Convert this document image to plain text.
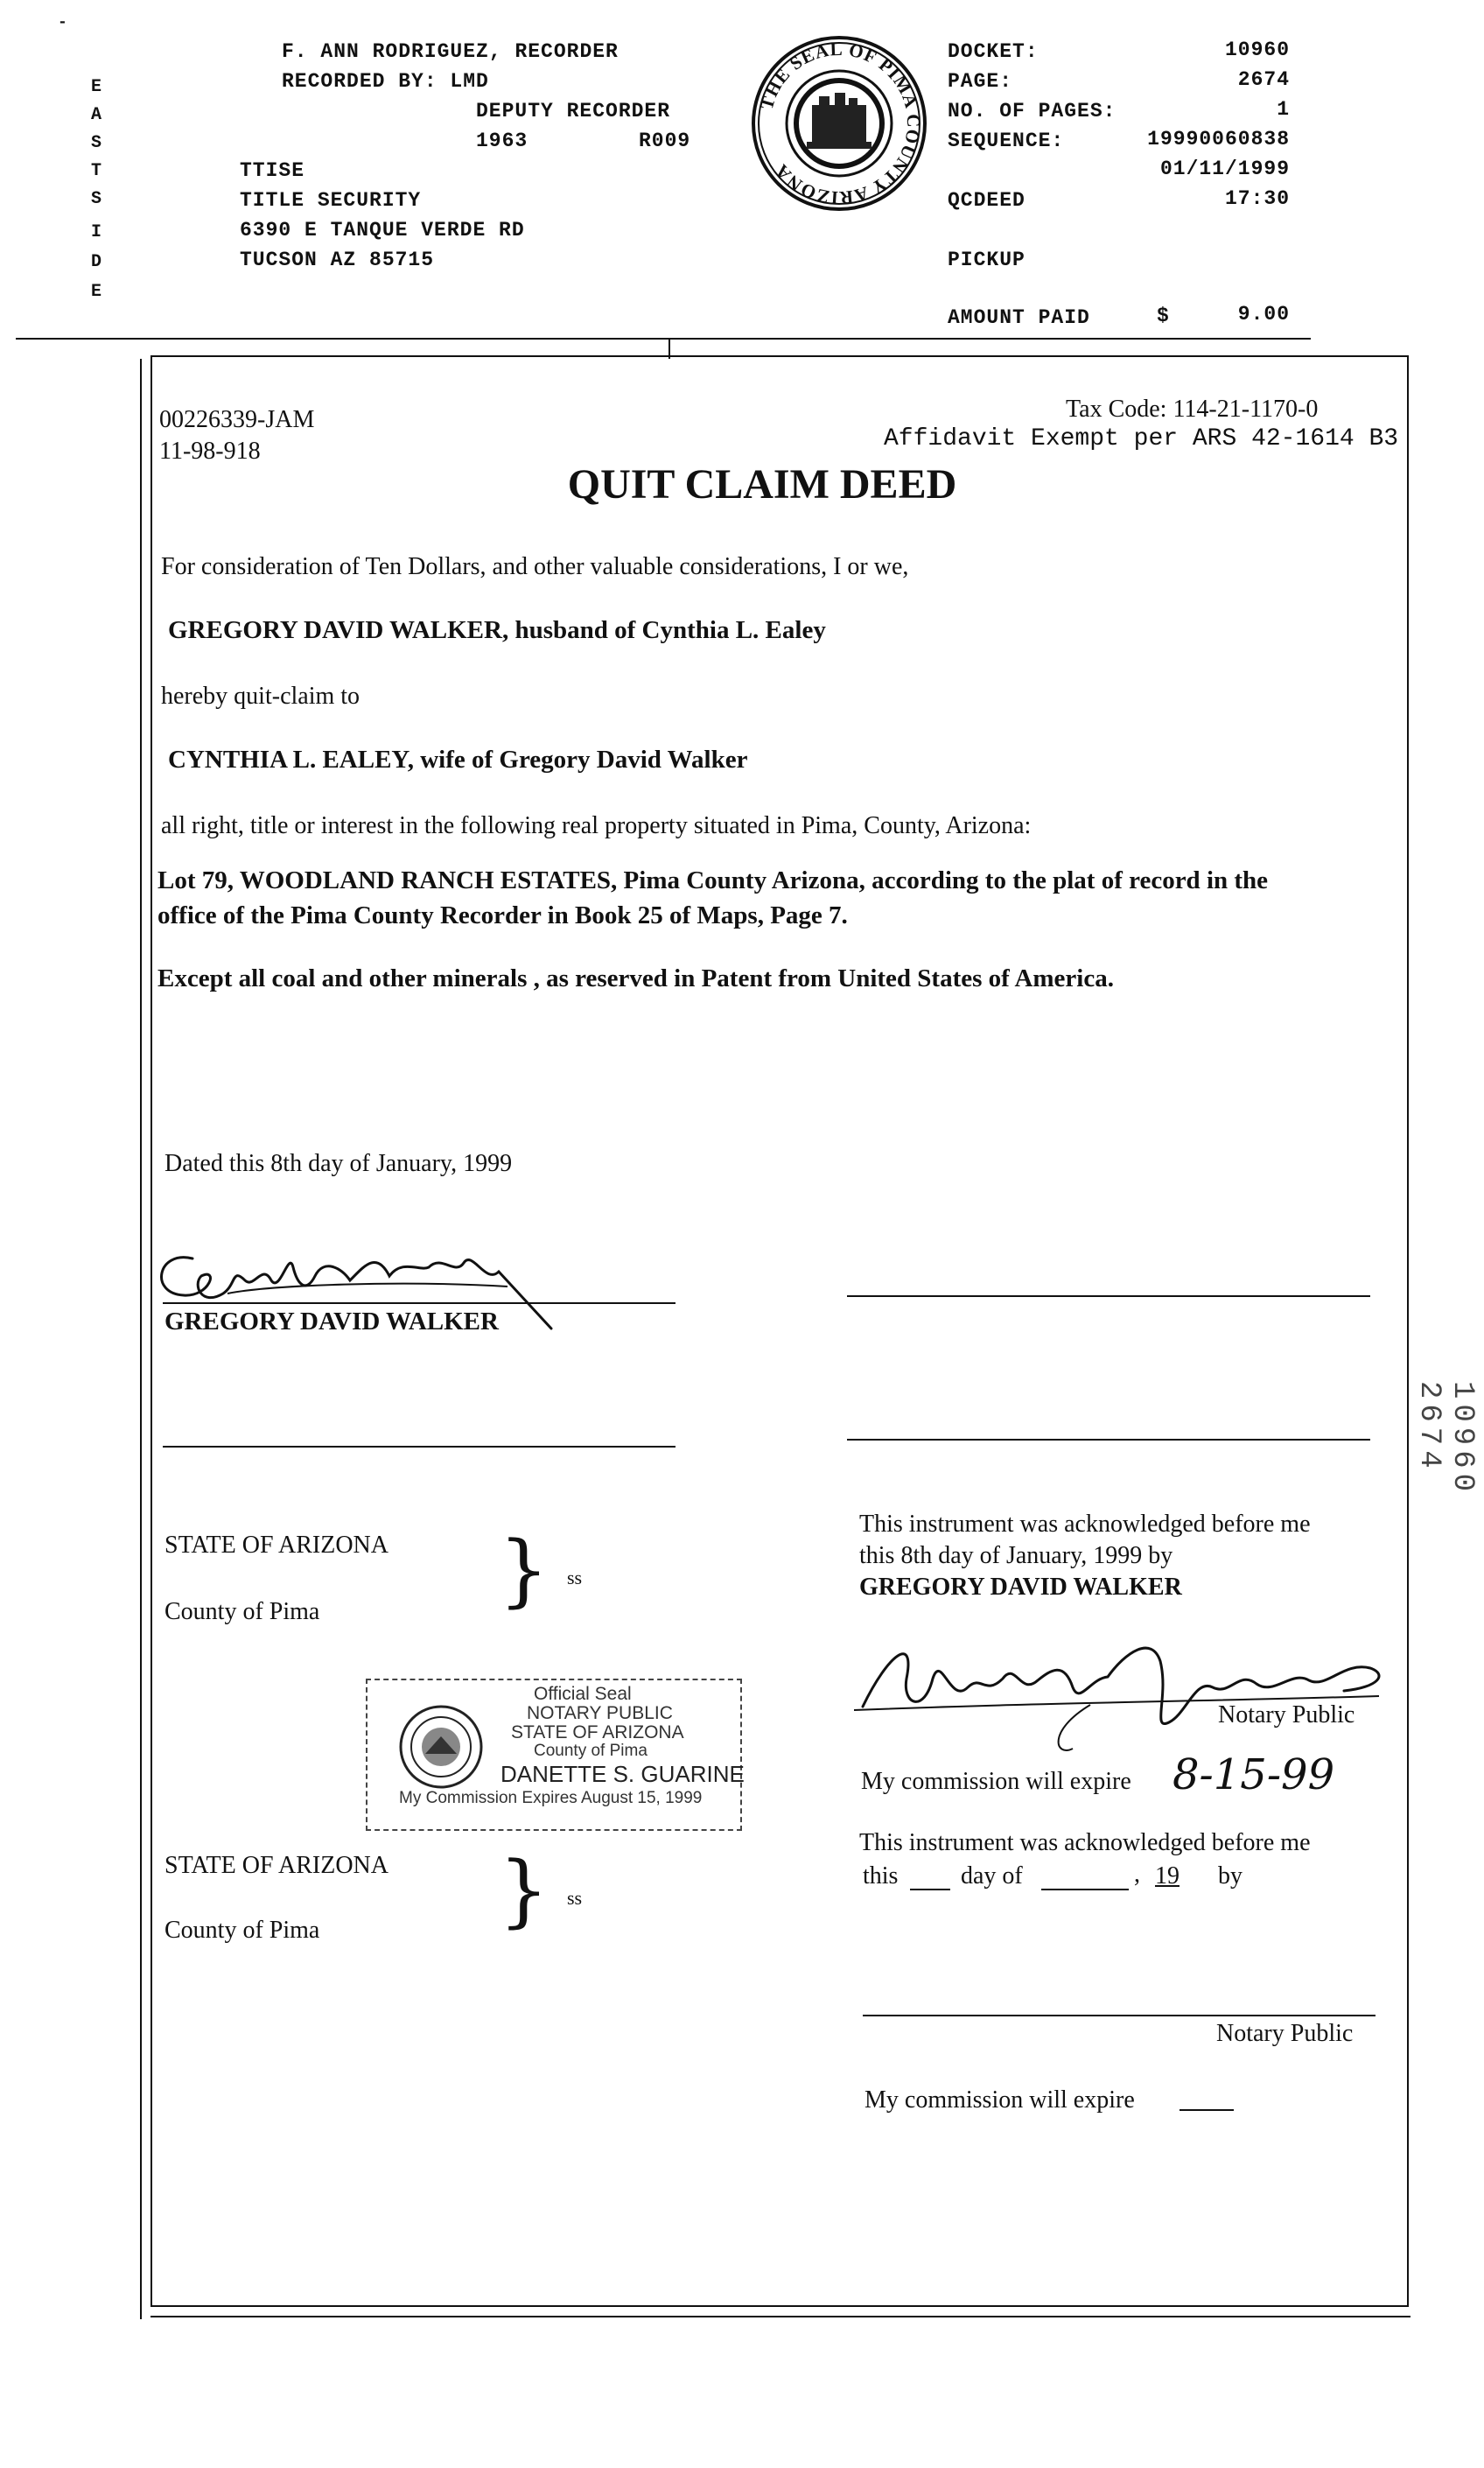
-
E
A
S
T
S
I
D
E
F. ANN RODRIGUEZ, RECORDER
RECORDED BY: LMD
DEPUTY RECORDER
1963	R009
TTISE
TITLE SECURITY
6390 E TANQUE VERDE RD
TUCSON AZ 85715
THE SEAL OF PIMA COUNTY ARIZONA
DOCKET:	10960
PAGE:	2674
NO. OF PAGES:	1
SEQUENCE:	19990060838
01/11/1999
QCDEED	17:30
PICKUP
AMOUNT PAID	$	9.00
00226339-JAM
11-98-918
Tax Code: 114-21-1170-0
Affidavit Exempt per ARS 42-1614 B3
QUIT CLAIM DEED
For consideration of Ten Dollars, and other valuable considerations, I or we,
GREGORY DAVID WALKER, husband of Cynthia L. Ealey
hereby quit-claim to
CYNTHIA L. EALEY, wife of Gregory David Walker
all right, title or interest in the following real property situated in Pima, County, Arizona:
Lot 79, WOODLAND RANCH ESTATES, Pima County Arizona, according to the plat of record in the
office of the Pima County Recorder in Book 25 of Maps, Page 7.
Except all coal and other minerals , as reserved in Patent from United States of America.
Dated this 8th day of January, 1999
GREGORY DAVID WALKER
STATE OF ARIZONA
County of Pima } ss
This instrument was acknowledged before me
this 8th day of January, 1999 by
GREGORY DAVID WALKER
Notary Public
My commission will expire 8-15-99
Official Seal
NOTARY PUBLIC
STATE OF ARIZONA
County of Pima
DANETTE S. GUARINE
My Commission Expires August 15, 1999
STATE OF ARIZONA
County of Pima } ss
This instrument was acknowledged before me
this	day of	, 19 by
Notary Public
My commission will expire
10960 2674
